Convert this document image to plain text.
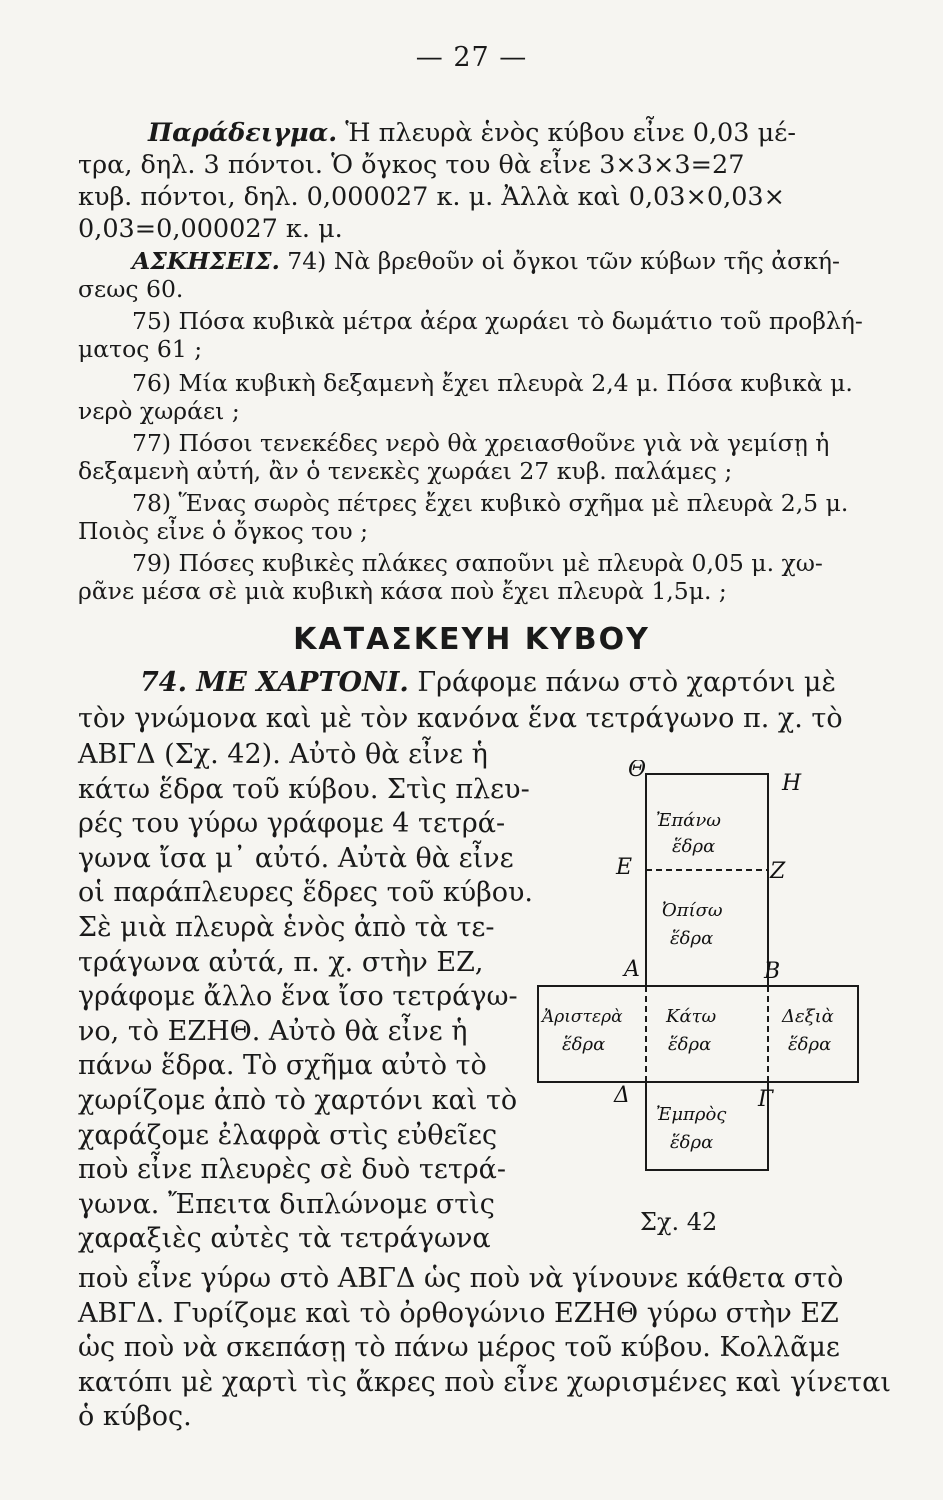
— 27 —
Παράδειγμα. Ἡ πλευρὰ ἑνὸς κύβου εἶνε 0,03 μέ-
τρα, δηλ. 3 πόντοι. Ὁ ὄγκος του θὰ εἶνε 3×3×3=27
κυβ. πόντοι, δηλ. 0,000027 κ. μ. Ἀλλὰ καὶ 0,03×0,03×
0,03=0,000027 κ. μ.
ΑΣΚΗΣΕΙΣ. 74) Νὰ βρεθοῦν οἱ ὄγκοι τῶν κύβων τῆς ἀσκή-
σεως 60.
75) Πόσα κυβικὰ μέτρα ἀέρα χωράει τὸ δωμάτιο τοῦ προβλή-
ματος 61 ;
76) Μία κυβικὴ δεξαμενὴ ἔχει πλευρὰ 2,4 μ. Πόσα κυβικὰ μ.
νερὸ χωράει ;
77) Πόσοι τενεκέδες νερὸ θὰ χρειασθοῦνε γιὰ νὰ γεμίσῃ ἡ
δεξαμενὴ αὐτή, ἂν ὁ τενεκὲς χωράει 27 κυβ. παλάμες ;
78) Ἕνας σωρὸς πέτρες ἔχει κυβικὸ σχῆμα μὲ πλευρὰ 2,5 μ.
Ποιὸς εἶνε ὁ ὄγκος του ;
79) Πόσες κυβικὲς πλάκες σαποῦνι μὲ πλευρὰ 0,05 μ. χω-
ρᾶνε μέσα σὲ μιὰ κυβικὴ κάσα ποὺ ἔχει πλευρὰ 1,5μ. ;
ΚΑΤΑΣΚΕΥΗ ΚΥΒΟΥ
74. ΜΕ ΧΑΡΤΟΝΙ. Γράφομε πάνω στὸ χαρτόνι μὲ
τὸν γνώμονα καὶ μὲ τὸν κανόνα ἕνα τετράγωνο π. χ. τὸ
ΑΒΓΔ (Σχ. 42). Αὐτὸ θὰ εἶνε ἡ
κάτω ἕδρα τοῦ κύβου. Στὶς πλευ-
ρές του γύρω γράφομε 4 τετρά-
γωνα ἴσα μ᾽ αὐτό. Αὐτὰ θὰ εἶνε
οἱ παράπλευρες ἕδρες τοῦ κύβου.
Σὲ μιὰ πλευρὰ ἑνὸς ἀπὸ τὰ τε-
τράγωνα αὐτά, π. χ. στὴν ΕΖ,
γράφομε ἄλλο ἕνα ἴσο τετράγω-
νο, τὸ ΕΖΗΘ. Αὐτὸ θὰ εἶνε ἡ
πάνω ἕδρα. Τὸ σχῆμα αὐτὸ τὸ
χωρίζομε ἀπὸ τὸ χαρτόνι καὶ τὸ
χαράζομε ἐλαφρὰ στὶς εὐθεῖες
ποὺ εἶνε πλευρὲς σὲ δυὸ τετρά-
γωνα. Ἔπειτα διπλώνομε στὶς
χαραξιὲς αὐτὲς τὰ τετράγωνα
ποὺ εἶνε γύρω στὸ ΑΒΓΔ ὡς ποὺ νὰ γίνουνε κάθετα στὸ
ΑΒΓΔ. Γυρίζομε καὶ τὸ ὀρθογώνιο ΕΖΗΘ γύρω στὴν ΕΖ
ὡς ποὺ νὰ σκεπάσῃ τὸ πάνω μέρος τοῦ κύβου. Κολλᾶμε
κατόπι μὲ χαρτὶ τὶς ἄκρες ποὺ εἶνε χωρισμένες καὶ γίνεται
ὁ κύβος.
Θ
Η
Ε	Ζ
Α	Β
Δ	Γ
Ἐπάνω
ἕδρα
Ὀπίσω
ἕδρα
Ἀριστερὰ
ἕδρα
Κάτω
ἕδρα
Δεξιὰ
ἕδρα
Ἐμπρὸς
ἕδρα
Σχ. 42
